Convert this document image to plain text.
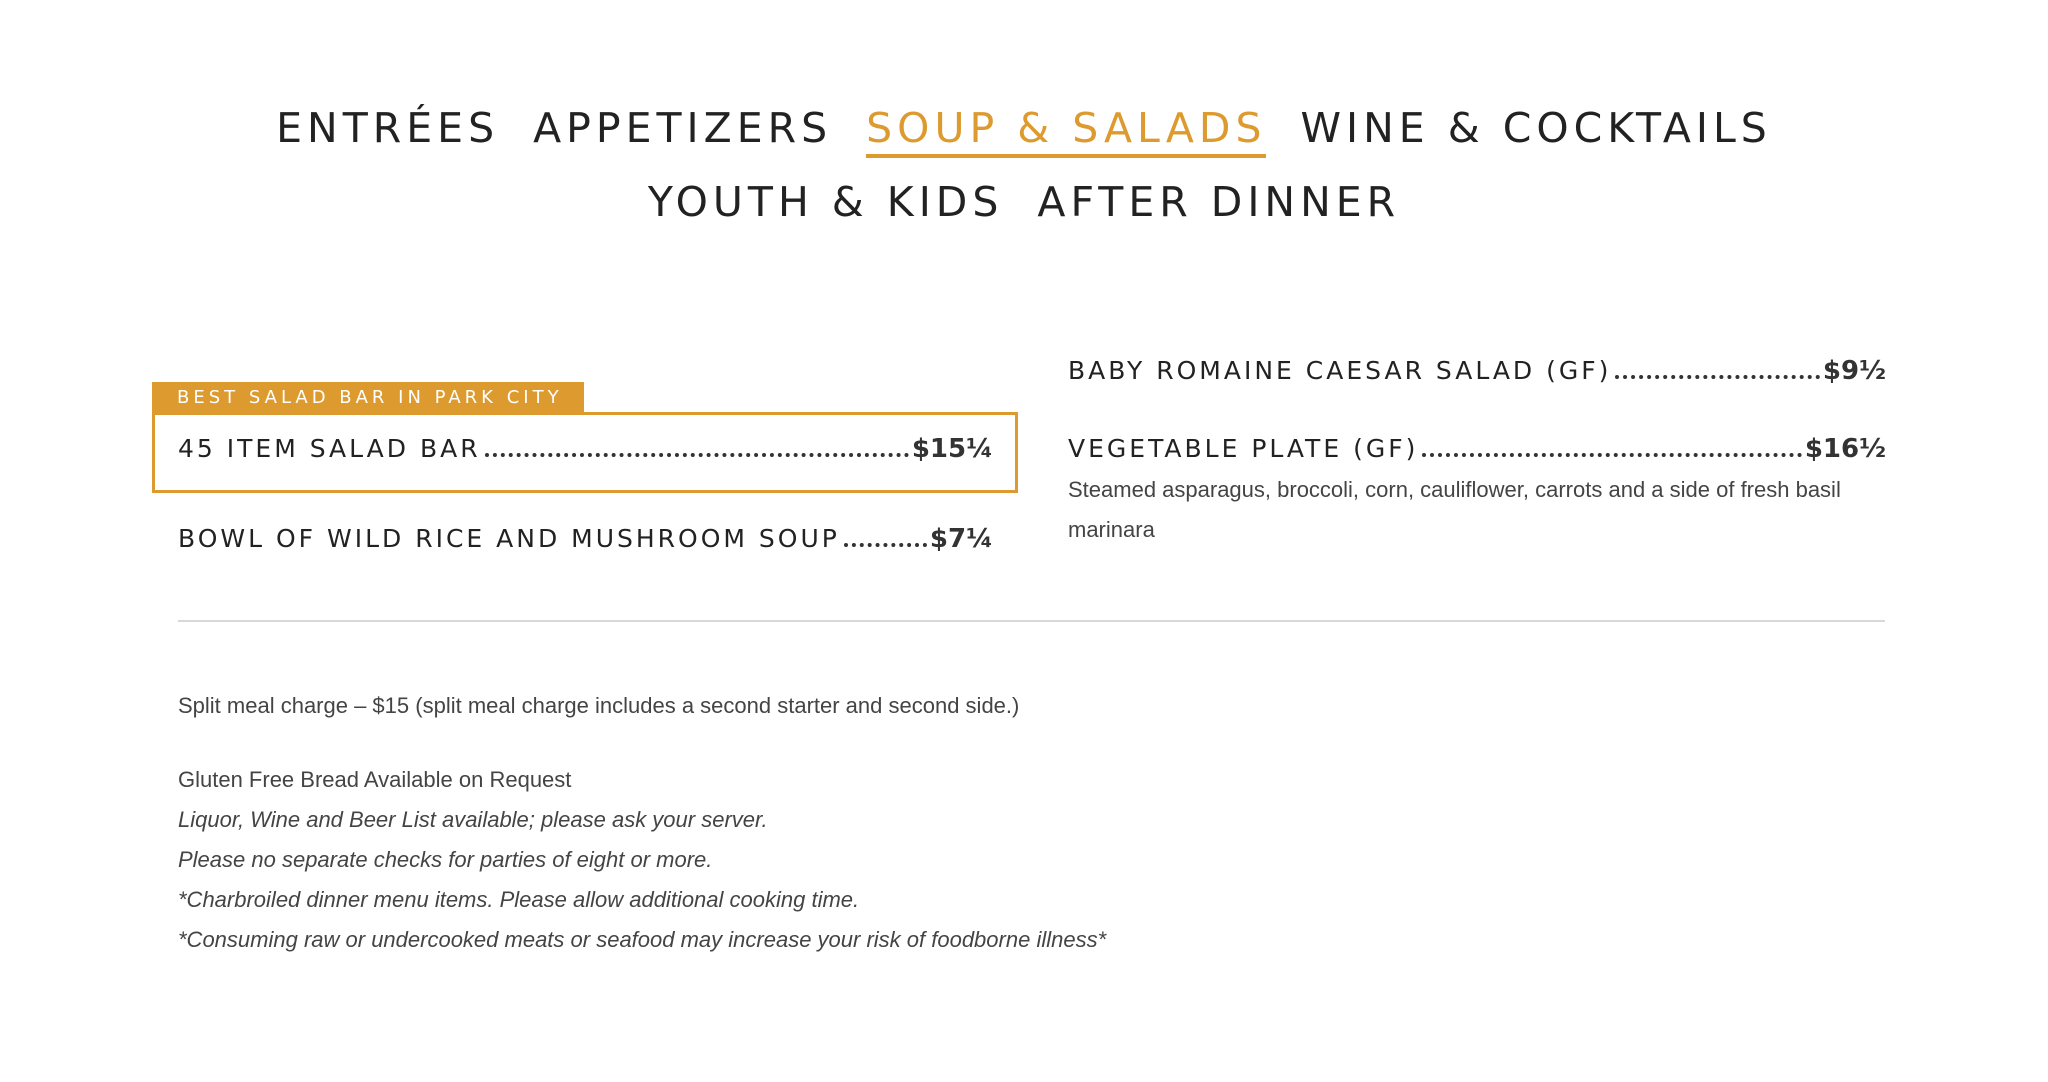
ENTRÉES APPETIZERS SOUP & SALADS WINE & COCKTAILS
YOUTH & KIDS AFTER DINNER
BEST SALAD BAR IN PARK CITY
45 ITEM SALAD BAR	$15¼
BOWL OF WILD RICE AND MUSHROOM SOUP	$7¼
BABY ROMAINE CAESAR SALAD (GF)	$9½
VEGETABLE PLATE (GF)	$16½
Steamed asparagus, broccoli, corn, cauliflower, carrots and a side of fresh basil marinara
Split meal charge – $15 (split meal charge includes a second starter and second side.)
Gluten Free Bread Available on Request
Liquor, Wine and Beer List available; please ask your server.
Please no separate checks for parties of eight or more.
*Charbroiled dinner menu items. Please allow additional cooking time.
*Consuming raw or undercooked meats or seafood may increase your risk of foodborne illness*
